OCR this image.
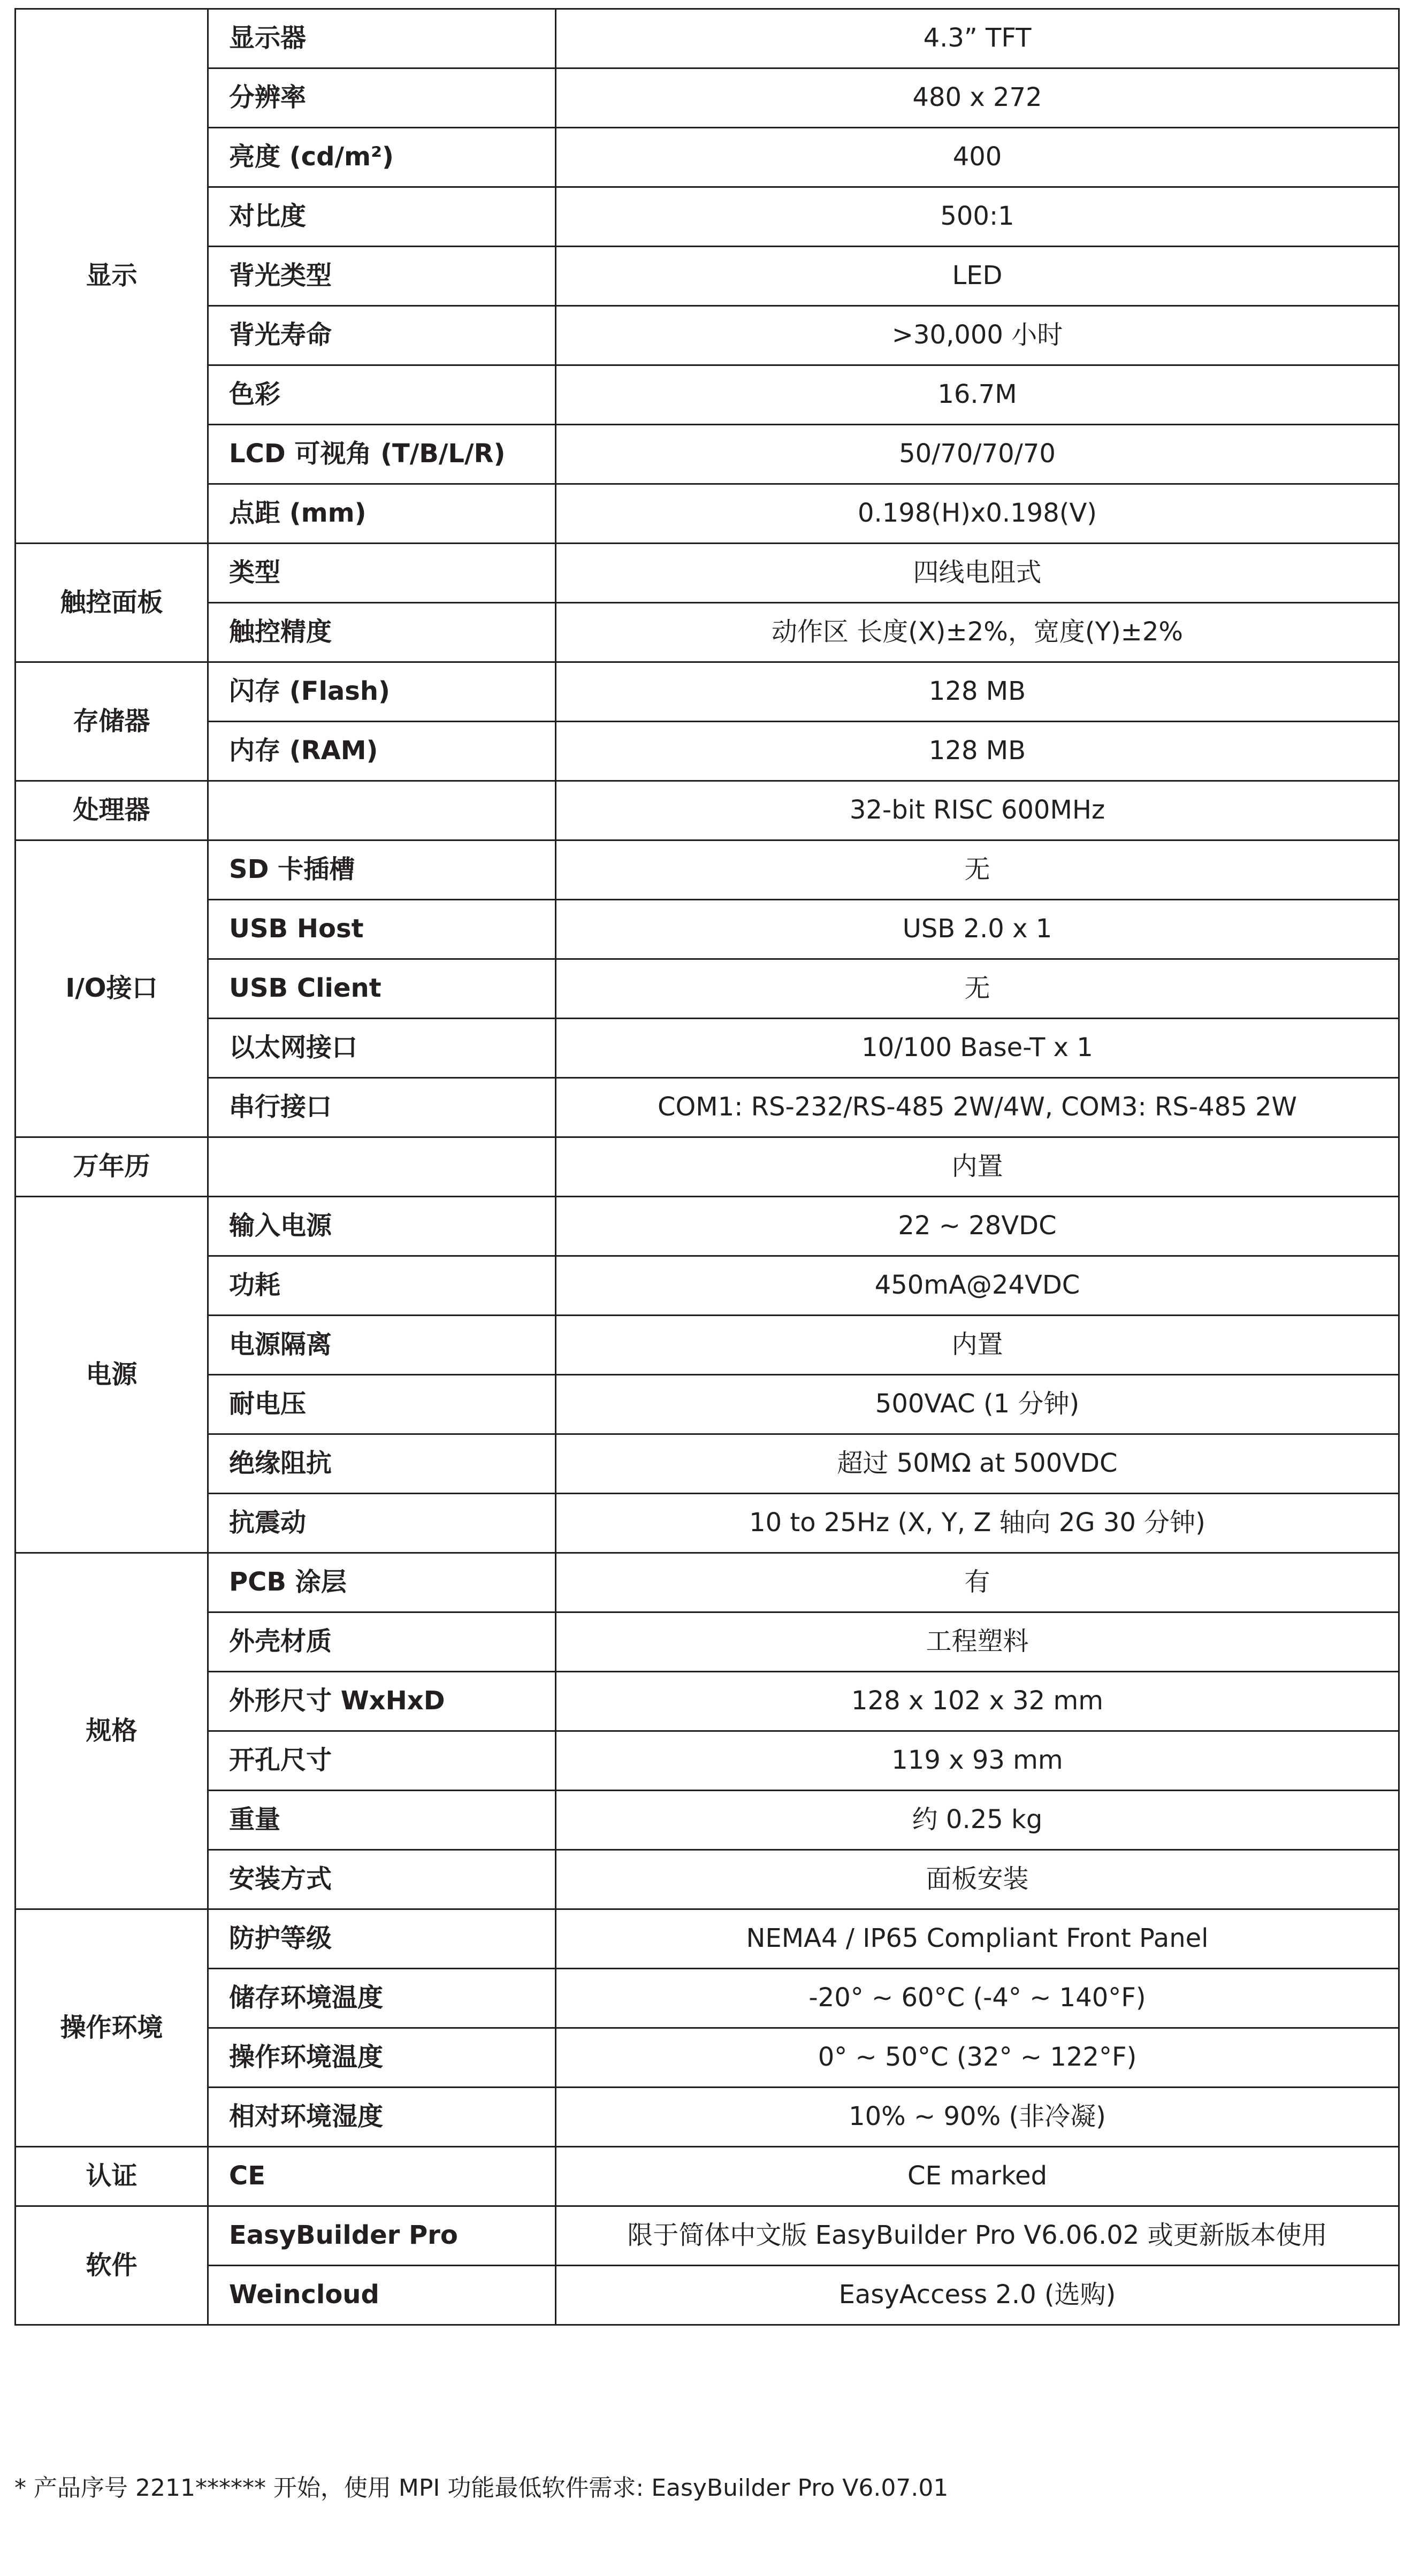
显示	显示器	4.3” TFT
	分辨率	480 x 272
	亮度 (cd/m²)	400
	对比度	500:1
	背光类型	LED
	背光寿命	>30,000 小时
	色彩	16.7M
	LCD 可视角 (T/B/L/R)	50/70/70/70
	点距 (mm)	0.198(H)x0.198(V)
触控面板	类型	四线电阻式
	触控精度	动作区 长度(X)±2%，宽度(Y)±2%
存储器	闪存 (Flash)	128 MB
	内存 (RAM)	128 MB
处理器		32-bit RISC 600MHz
I/O接口	SD 卡插槽	无
	USB Host	USB 2.0 x 1
	USB Client	无
	以太网接口	10/100 Base-T x 1
	串行接口	COM1: RS-232/RS-485 2W/4W, COM3: RS-485 2W
万年历		内置
电源	输入电源	22 ~ 28VDC
	功耗	450mA@24VDC
	电源隔离	内置
	耐电压	500VAC (1 分钟)
	绝缘阻抗	超过 50MΩ at 500VDC
	抗震动	10 to 25Hz (X, Y, Z 轴向 2G 30 分钟)
规格	PCB 涂层	有
	外壳材质	工程塑料
	外形尺寸 WxHxD	128 x 102 x 32 mm
	开孔尺寸	119 x 93 mm
	重量	约 0.25 kg
	安装方式	面板安装
操作环境	防护等级	NEMA4 / IP65 Compliant Front Panel
	储存环境温度	-20° ~ 60°C (-4° ~ 140°F)
	操作环境温度	0° ~ 50°C (32° ~ 122°F)
	相对环境湿度	10% ~ 90% (非冷凝)
认证	CE	CE marked
软件	EasyBuilder Pro	限于简体中文版 EasyBuilder Pro V6.06.02 或更新版本使用
	Weincloud	EasyAccess 2.0 (选购)
* 产品序号 2211****** 开始，使用 MPI 功能最低软件需求: EasyBuilder Pro V6.07.01
